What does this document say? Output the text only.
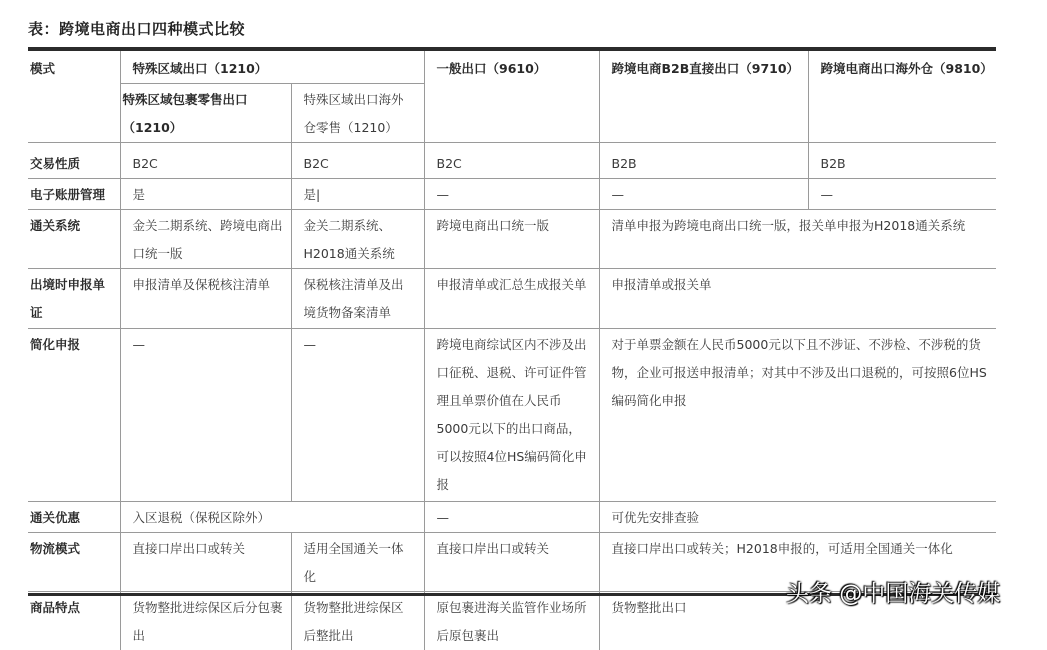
表：跨境电商出口四种模式比较
模式	特殊区域出口（1210）		一般出口（9610）	跨境电商B2B直接出口（9710）	跨境电商出口海外仓（9810）
	特殊区域包裹零售出口（1210）	特殊区域出口海外仓零售（1210）			
交易性质	B2C	B2C	B2C	B2B	B2B
电子账册管理	是	是|	—	—	—
通关系统	金关二期系统、跨境电商出口统一版	金关二期系统、H2018通关系统	跨境电商出口统一版	清单申报为跨境电商出口统一版，报关单申报为H2018通关系统	
出境时申报单证	申报清单及保税核注清单	保税核注清单及出境货物备案清单	申报清单或汇总生成报关单	申报清单或报关单	
简化申报	—	—	跨境电商综试区内不涉及出口征税、退税、许可证件管理且单票价值在人民币5000元以下的出口商品，可以按照4位HS编码简化申报	对于单票金额在人民币5000元以下且不涉证、不涉检、不涉税的货物，企业可报送申报清单；对其中不涉及出口退税的，可按照6位HS编码简化申报	
通关优惠	入区退税（保税区除外）		—	可优先安排查验	
物流模式	直接口岸出口或转关	适用全国通关一体化	直接口岸出口或转关	直接口岸出口或转关；H2018申报的，可适用全国通关一体化	
商品特点	货物整批进综保区后分包裹出	货物整批进综保区后整批出	原包裹进海关监管作业场所后原包裹出	货物整批出口	
头条 @中国海关传媒
